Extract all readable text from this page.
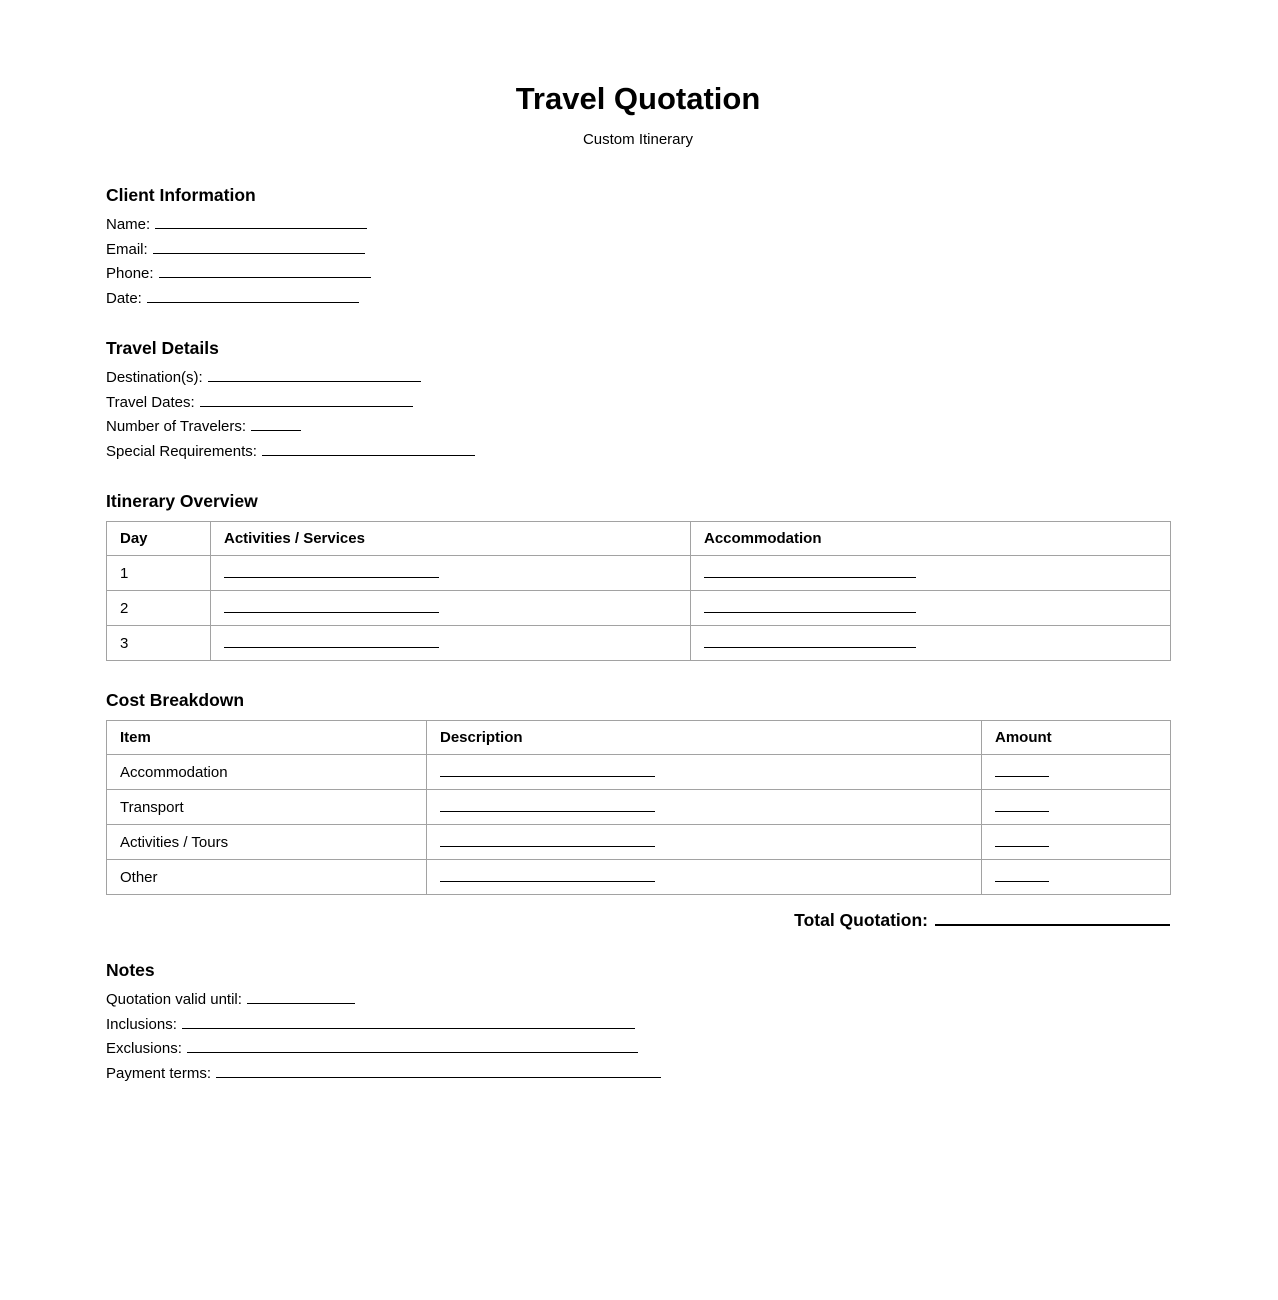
Travel Quotation
Custom Itinerary
Client Information
Name:
Email:
Phone:
Date:
Travel Details
Destination(s):
Travel Dates:
Number of Travelers:
Special Requirements:
Itinerary Overview
Day	Activities / Services	Accommodation
1		
2		
3		
Cost Breakdown
Item	Description	Amount
Accommodation		
Transport		
Activities / Tours		
Other		
Total Quotation:
Notes
Quotation valid until:
Inclusions:
Exclusions:
Payment terms:
